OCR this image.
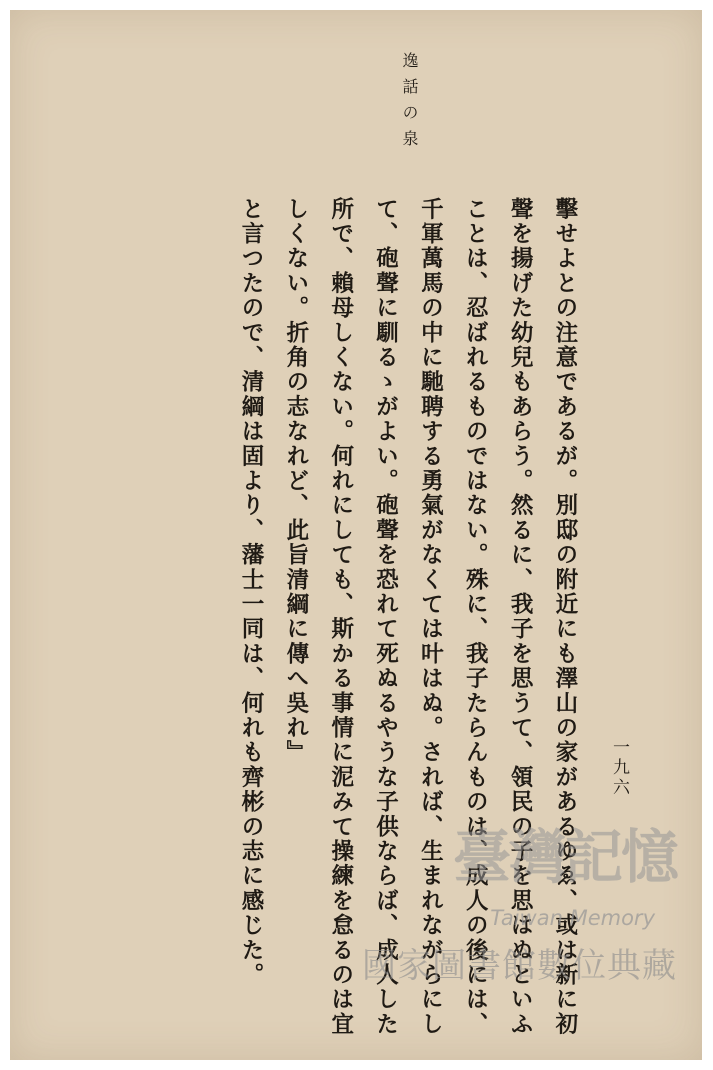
逸話の泉
一九六
擊せよとの注意であるが。別邸の附近にも澤山の家があるゆゑ、或は新に初
聲を揚げた幼兒もあらう。然るに、我子を思うて、領民の子を思はぬといふ
ことは、忍ばれるものではない。殊に、我子たらんものは、成人の後には、
千軍萬馬の中に馳聘する勇氣がなくては叶はぬ。されば、生まれながらにし
て、砲聲に馴るゝがよい。砲聲を恐れて死ぬるやうな子供ならば、成人した
所で、賴母しくない。何れにしても、斯かる事情に泥みて操練を怠るのは宜
しくない。折角の志なれど、此旨清綱に傳へ吳れ』
と言つたので、清綱は固より、藩士一同は、何れも齊彬の志に感じた。	臺灣記憶
Taiwan Memory
國家圖書館數位典藏
